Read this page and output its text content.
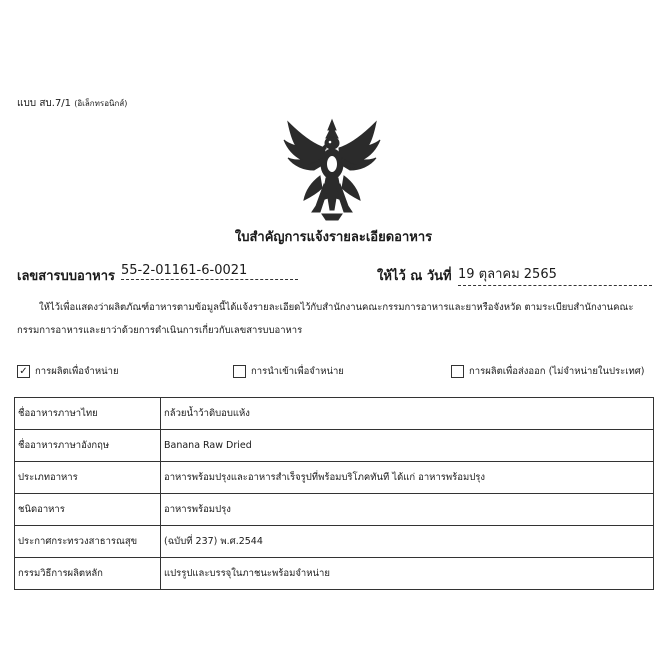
แบบ สบ.7/1 (อิเล็กทรอนิกส์)
ใบสำคัญการแจ้งรายละเอียดอาหาร
เลขสารบบอาหาร 55-2-01161-6-0021	ให้ไว้ ณ วันที่ 19 ตุลาคม 2565
ให้ไว้เพื่อแสดงว่าผลิตภัณฑ์อาหารตามข้อมูลนี้ได้แจ้งรายละเอียดไว้กับสำนักงานคณะกรรมการอาหารและยาหรือจังหวัด ตามระเบียบสำนักงานคณะกรรมการอาหารและยาว่าด้วยการดำเนินการเกี่ยวกับเลขสารบบอาหาร
✓ การผลิตเพื่อจำหน่าย	การนำเข้าเพื่อจำหน่าย	การผลิตเพื่อส่งออก (ไม่จำหน่ายในประเทศ)
ชื่ออาหารภาษาไทย	กล้วยน้ำว้าดิบอบแห้ง
ชื่ออาหารภาษาอังกฤษ	Banana Raw Dried
ประเภทอาหาร	อาหารพร้อมปรุงและอาหารสำเร็จรูปที่พร้อมบริโภคทันที ได้แก่ อาหารพร้อมปรุง
ชนิดอาหาร	อาหารพร้อมปรุง
ประกาศกระทรวงสาธารณสุข	(ฉบับที่ 237) พ.ศ.2544
กรรมวิธีการผลิตหลัก	แปรรูปและบรรจุในภาชนะพร้อมจำหน่าย
